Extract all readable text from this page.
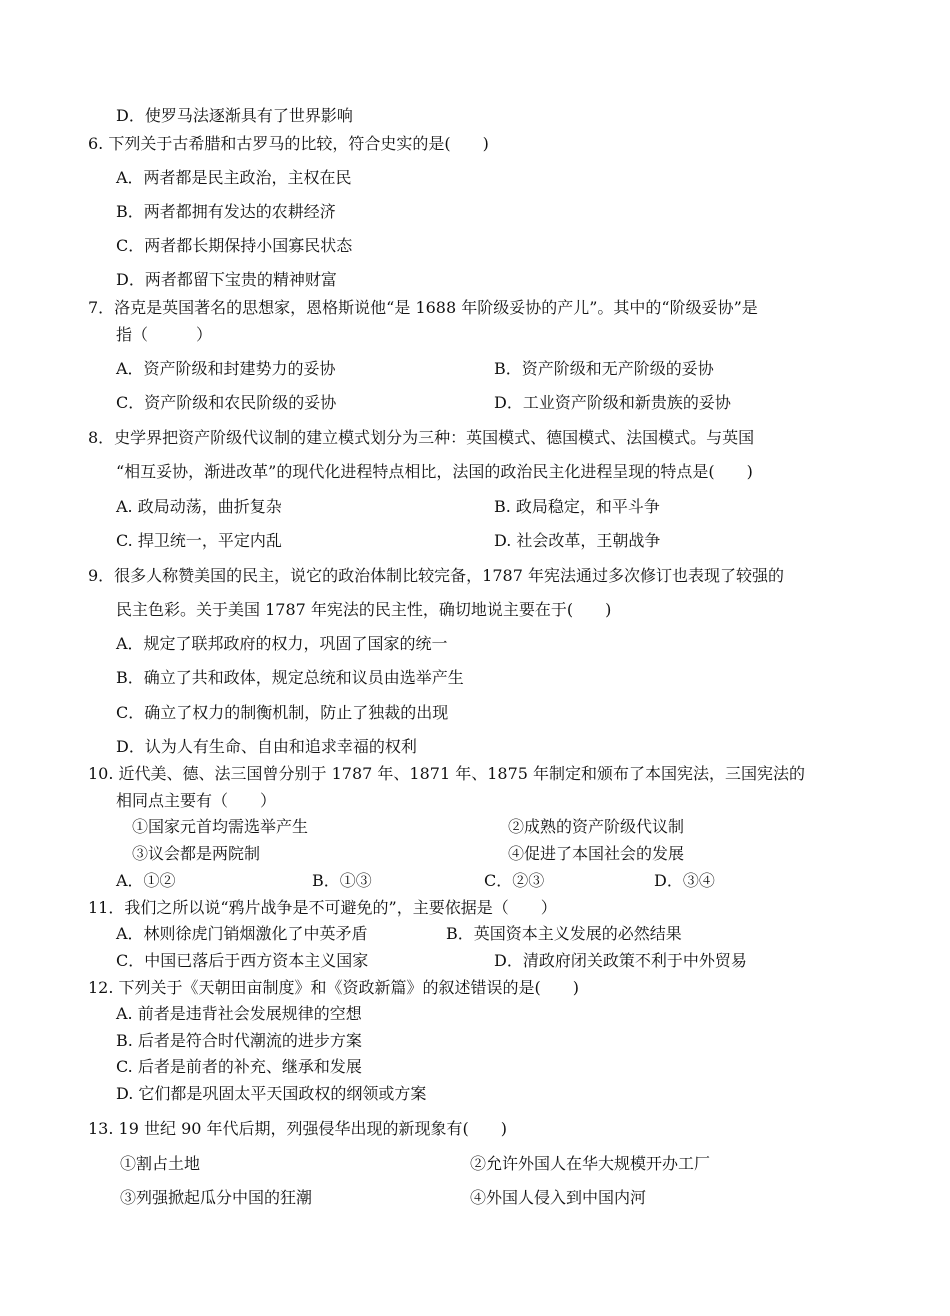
D．使罗马法逐渐具有了世界影响
6. 下列关于古希腊和古罗马的比较，符合史实的是(　　)
A．两者都是民主政治，主权在民
B．两者都拥有发达的农耕经济
C．两者都长期保持小国寡民状态
D．两者都留下宝贵的精神财富
7．洛克是英国著名的思想家，恩格斯说他“是 1688 年阶级妥协的产儿”。其中的“阶级妥协”是
指（　　　）
A．资产阶级和封建势力的妥协	B．资产阶级和无产阶级的妥协
C．资产阶级和农民阶级的妥协	D．工业资产阶级和新贵族的妥协
8．史学界把资产阶级代议制的建立模式划分为三种：英国模式、德国模式、法国模式。与英国
“相互妥协，渐进改革”的现代化进程特点相比，法国的政治民主化进程呈现的特点是(　　)
A. 政局动荡，曲折复杂	B. 政局稳定，和平斗争
C. 捍卫统一，平定内乱	D. 社会改革，王朝战争
9．很多人称赞美国的民主，说它的政治体制比较完备，1787 年宪法通过多次修订也表现了较强的
民主色彩。关于美国 1787 年宪法的民主性，确切地说主要在于(　　)
A．规定了联邦政府的权力，巩固了国家的统一
B．确立了共和政体，规定总统和议员由选举产生
C．确立了权力的制衡机制，防止了独裁的出现
D．认为人有生命、自由和追求幸福的权利
10. 近代美、德、法三国曾分别于 1787 年、1871 年、1875 年制定和颁布了本国宪法，三国宪法的
相同点主要有（　　）
①国家元首均需选举产生	②成熟的资产阶级代议制
③议会都是两院制	④促进了本国社会的发展
A．①②	B．①③	C．②③	D．③④
11．我们之所以说“鸦片战争是不可避免的”，主要依据是（　　）
A．林则徐虎门销烟激化了中英矛盾	B．英国资本主义发展的必然结果
C．中国已落后于西方资本主义国家	D．清政府闭关政策不利于中外贸易
12. 下列关于《天朝田亩制度》和《资政新篇》的叙述错误的是(　　)
A. 前者是违背社会发展规律的空想
B. 后者是符合时代潮流的进步方案
C. 后者是前者的补充、继承和发展
D. 它们都是巩固太平天国政权的纲领或方案
13. 19 世纪 90 年代后期，列强侵华出现的新现象有(　　)
①割占土地	②允许外国人在华大规模开办工厂
③列强掀起瓜分中国的狂潮	④外国人侵入到中国内河
